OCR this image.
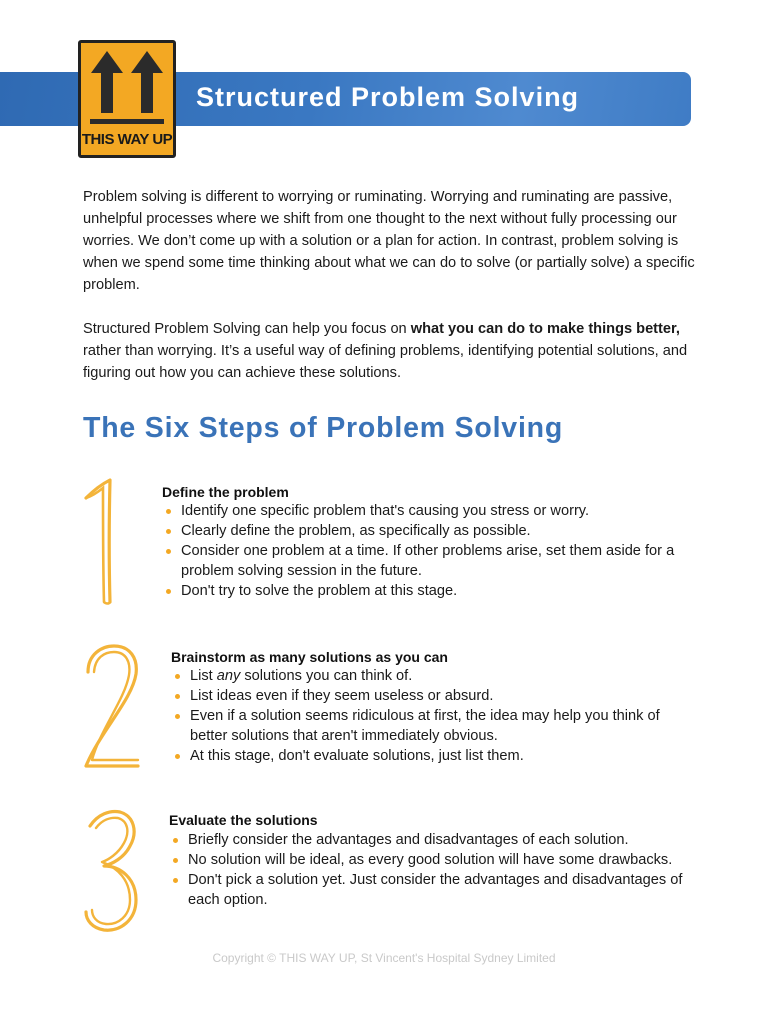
Structured Problem Solving
THIS WAY UP
Problem solving is different to worrying or ruminating. Worrying and ruminating are passive, unhelpful processes where we shift from one thought to the next without fully processing our worries. We don’t come up with a solution or a plan for action. In contrast, problem solving is when we spend some time thinking about what we can do to solve (or partially solve) a specific problem.
Structured Problem Solving can help you focus on what you can do to make things better, rather than worrying. It’s a useful way of defining problems, identifying potential solutions, and figuring out how you can achieve these solutions.
The Six Steps of Problem Solving
Define the problem
Identify one specific problem that's causing you stress or worry.
Clearly define the problem, as specifically as possible.
Consider one problem at a time. If other problems arise, set them aside for a problem solving session in the future.
Don't try to solve the problem at this stage.
Brainstorm as many solutions as you can
List any solutions you can think of.
List ideas even if they seem useless or absurd.
Even if a solution seems ridiculous at first, the idea may help you think of better solutions that aren't immediately obvious.
At this stage, don't evaluate solutions, just list them.
Evaluate the solutions
Briefly consider the advantages and disadvantages of each solution.
No solution will be ideal, as every good solution will have some drawbacks.
Don't pick a solution yet. Just consider the advantages and disadvantages of each option.
Copyright © THIS WAY UP, St Vincent's Hospital Sydney Limited
